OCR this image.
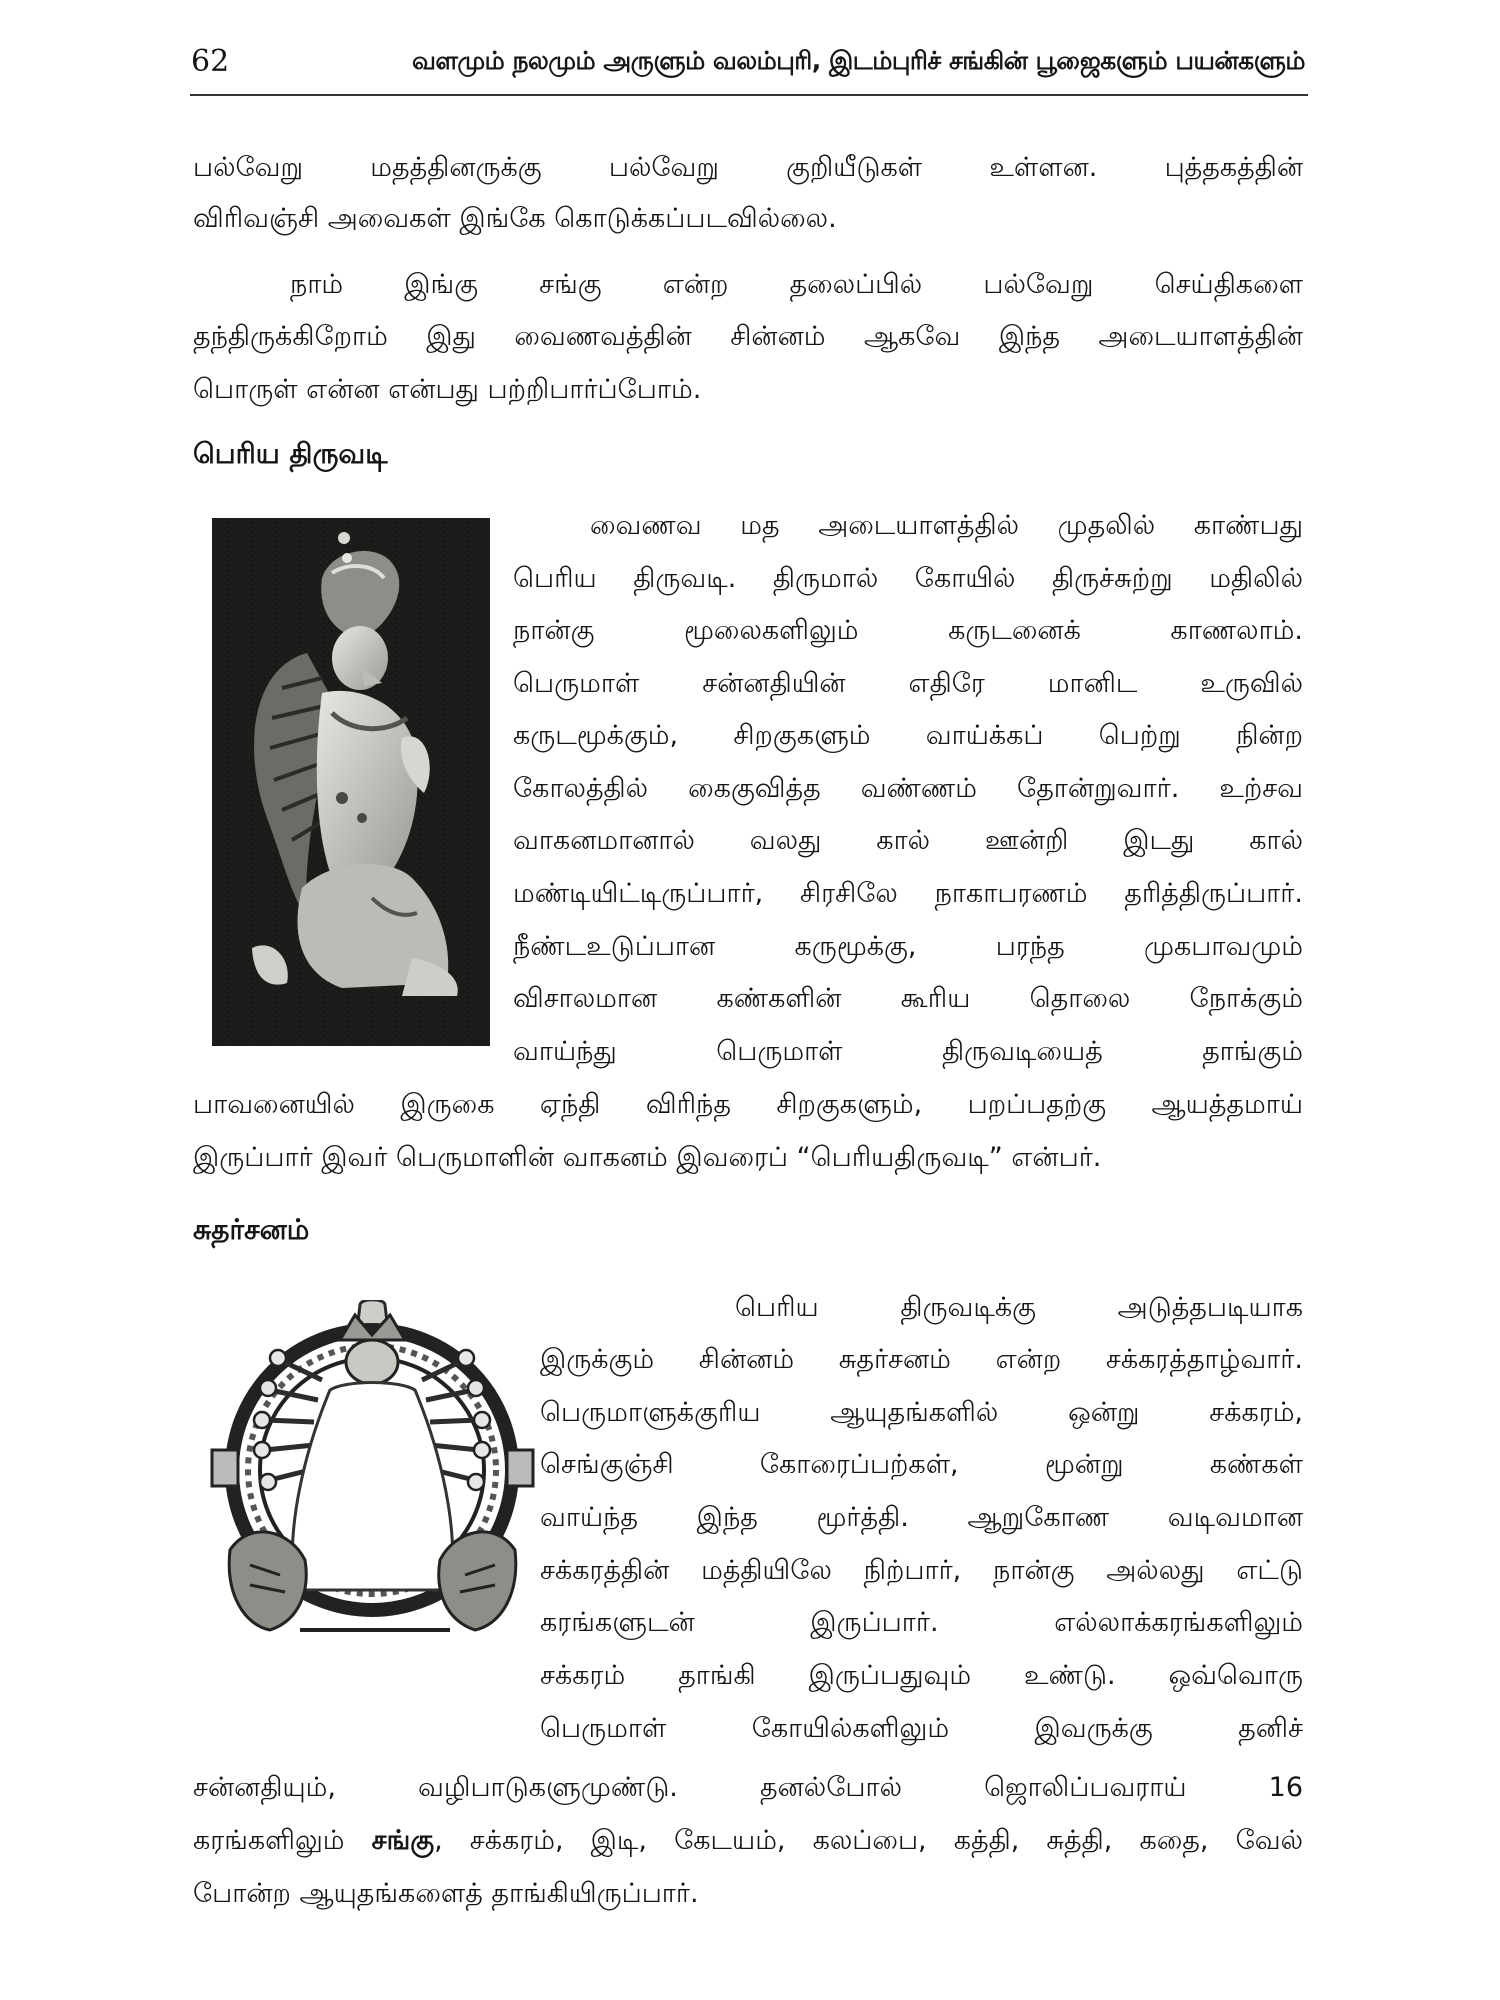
62	வளமும் நலமும் அருளும் வலம்புரி, இடம்புரிச் சங்கின் பூஜைகளும் பயன்களும்
பல்வேறு மதத்தினருக்கு பல்வேறு குறியீடுகள் உள்ளன. புத்தகத்தின்
விரிவஞ்சி அவைகள் இங்கே கொடுக்கப்படவில்லை.
நாம் இங்கு சங்கு என்ற தலைப்பில் பல்வேறு செய்திகளை
தந்திருக்கிறோம் இது வைணவத்தின் சின்னம் ஆகவே இந்த அடையாளத்தின்
பொருள் என்ன என்பது பற்றிபார்ப்போம்.
பெரிய திருவடி
வைணவ மத அடையாளத்தில் முதலில் காண்பது
பெரிய திருவடி. திருமால் கோயில் திருச்சுற்று மதிலில்
நான்கு மூலைகளிலும் கருடனைக் காணலாம்.
பெருமாள் சன்னதியின் எதிரே மானிட உருவில்
கருடமூக்கும், சிறகுகளும் வாய்க்கப் பெற்று நின்ற
கோலத்தில் கைகுவித்த வண்ணம் தோன்றுவார். உற்சவ
வாகனமானால் வலது கால் ஊன்றி இடது கால்
மண்டியிட்டிருப்பார், சிரசிலே நாகாபரணம் தரித்திருப்பார்.
நீண்டஉடுப்பான கருமூக்கு, பரந்த முகபாவமும்
விசாலமான கண்களின் கூரிய தொலை நோக்கும்
வாய்ந்து பெருமாள் திருவடியைத் தாங்கும்
பாவனையில் இருகை ஏந்தி விரிந்த சிறகுகளும், பறப்பதற்கு ஆயத்தமாய்
இருப்பார் இவர் பெருமாளின் வாகனம் இவரைப் “பெரியதிருவடி” என்பர்.
சுதர்சனம்
பெரிய திருவடிக்கு அடுத்தபடியாக
இருக்கும் சின்னம் சுதர்சனம் என்ற சக்கரத்தாழ்வார்.
பெருமாளுக்குரிய ஆயுதங்களில் ஒன்று சக்கரம்,
செங்குஞ்சி கோரைப்பற்கள், மூன்று கண்கள்
வாய்ந்த இந்த மூர்த்தி. ஆறுகோண வடிவமான
சக்கரத்தின் மத்தியிலே நிற்பார், நான்கு அல்லது எட்டு
கரங்களுடன் இருப்பார். எல்லாக்கரங்களிலும்
சக்கரம் தாங்கி இருப்பதுவும் உண்டு. ஒவ்வொரு
பெருமாள் கோயில்களிலும் இவருக்கு தனிச்
சன்னதியும், வழிபாடுகளுமுண்டு. தனல்போல் ஜொலிப்பவராய் 16
கரங்களிலும் சங்கு, சக்கரம், இடி, கேடயம், கலப்பை, கத்தி, சுத்தி, கதை, வேல்
போன்ற ஆயுதங்களைத் தாங்கியிருப்பார்.
